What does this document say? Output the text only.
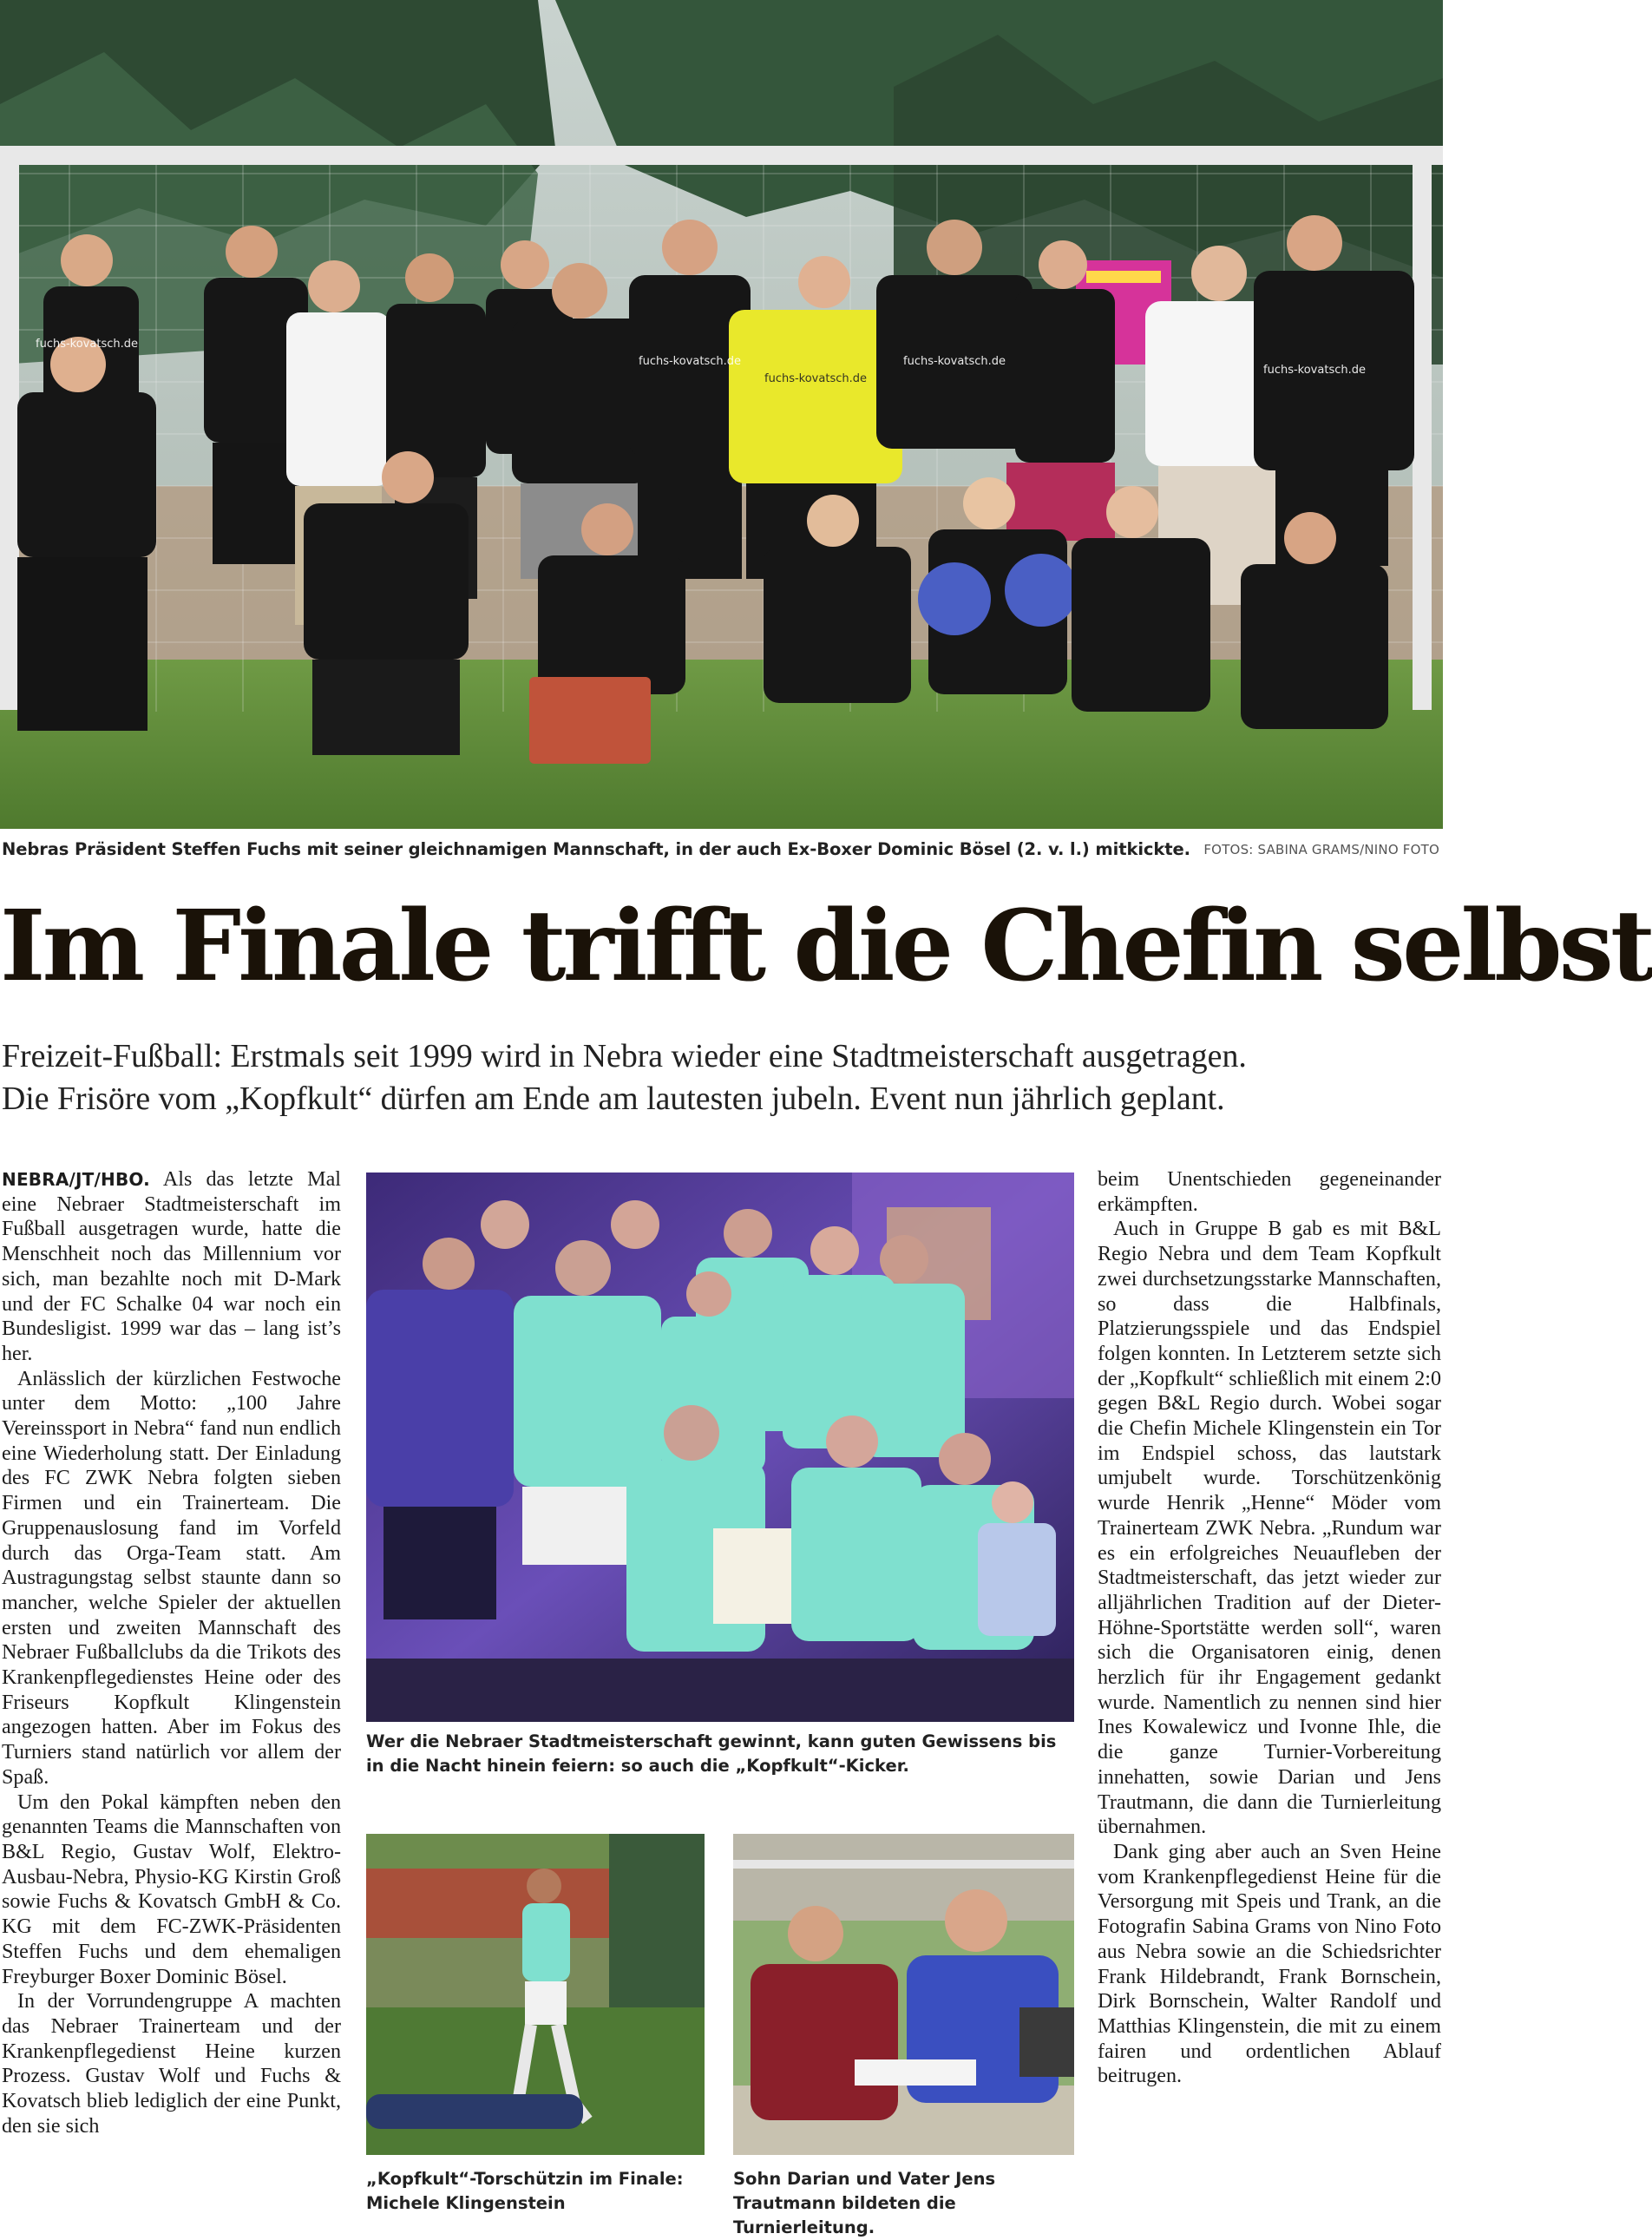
fuchs-kovatsch.de
fuchs-kovatsch.de	fuchs-kovatsch.de
fuchs-kovatsch.de
fuchs-kovatsch.de
Nebras Präsident Steffen Fuchs mit seiner gleichnamigen Mannschaft, in der auch Ex-Boxer Dominic Bösel (2. v. l.) mitkickte. FOTOS: SABINA GRAMS/NINO FOTO
Im Finale trifft die Chefin selbst
Freizeit-Fußball: Erstmals seit 1999 wird in Nebra wieder eine Stadtmeisterschaft ausgetragen.
Die Frisöre vom „Kopfkult“ dürfen am Ende am lautesten jubeln. Event nun jährlich geplant.

NEBRA/JT/HBO. Als das letzte Mal eine Nebraer Stadtmeisterschaft im Fußball ausgetragen wurde, hatte die Menschheit noch das Millennium vor sich, man bezahlte noch mit D-Mark und der FC Schalke 04 war noch ein Bundesligist. 1999 war das – lang ist’s her.

Anlässlich der kürzlichen Festwoche unter dem Motto: „100 Jahre Vereinssport in Nebra“ fand nun endlich eine Wiederholung statt. Der Einladung des FC ZWK Nebra folgten sieben Firmen und ein Trainerteam. Die Gruppenauslosung fand im Vorfeld durch das Orga-Team statt. Am Austragungstag selbst staunte dann so mancher, welche Spieler der aktuellen ersten und zweiten Mannschaft des Nebraer Fußballclubs da die Trikots des Krankenpflegedienstes Heine oder des Friseurs Kopfkult Klingenstein angezogen hatten. Aber im Fokus des Turniers stand natürlich vor allem der Spaß.

Um den Pokal kämpften neben den genannten Teams die Mannschaften von B&L Regio, Gustav Wolf, Elektro-Ausbau-Nebra, Physio-KG Kirstin Groß sowie Fuchs & Kovatsch GmbH & Co. KG mit dem FC-ZWK-Präsidenten Steffen Fuchs und dem ehemaligen Freyburger Boxer Dominic Bösel.

In der Vorrundengruppe A machten das Nebraer Trainerteam und der Krankenpflegedienst Heine kurzen Prozess. Gustav Wolf und Fuchs & Kovatsch blieb lediglich der eine Punkt, den sie sich

Wer die Nebraer Stadtmeisterschaft gewinnt, kann guten Gewissens bis in die Nacht hinein feiern: so auch die „Kopfkult“-Kicker.
„Kopfkult“-Torschützin im Finale: Michele Klingenstein
Sohn Darian und Vater Jens Trautmann bildeten die Turnierleitung.

beim Unentschieden gegeneinander erkämpften.

Auch in Gruppe B gab es mit B&L Regio Nebra und dem Team Kopfkult zwei durchsetzungsstarke Mannschaften, so dass die Halbfinals, Platzierungsspiele und das Endspiel folgen konnten. In Letzterem setzte sich der „Kopfkult“ schließlich mit einem 2:0 gegen B&L Regio durch. Wobei sogar die Chefin Michele Klingenstein ein Tor im Endspiel schoss, das lautstark umjubelt wurde. Torschützenkönig wurde Henrik „Henne“ Möder vom Trainerteam ZWK Nebra. „Rundum war es ein erfolgreiches Neuaufleben der Stadtmeisterschaft, das jetzt wieder zur alljährlichen Tradition auf der Dieter-Höhne-Sportstätte werden soll“, waren sich die Organisatoren einig, denen herzlich für ihr Engagement gedankt wurde. Namentlich zu nennen sind hier Ines Kowalewicz und Ivonne Ihle, die die ganze Turnier-Vorbereitung innehatten, sowie Darian und Jens Trautmann, die dann die Turnierleitung übernahmen.

Dank ging aber auch an Sven Heine vom Krankenpflegedienst Heine für die Versorgung mit Speis und Trank, an die Fotografin Sabina Grams von Nino Foto aus Nebra sowie an die Schiedsrichter Frank Hildebrandt, Frank Bornschein, Dirk Bornschein, Walter Randolf und Matthias Klingenstein, die mit zu einem fairen und ordentlichen Ablauf beitrugen.
